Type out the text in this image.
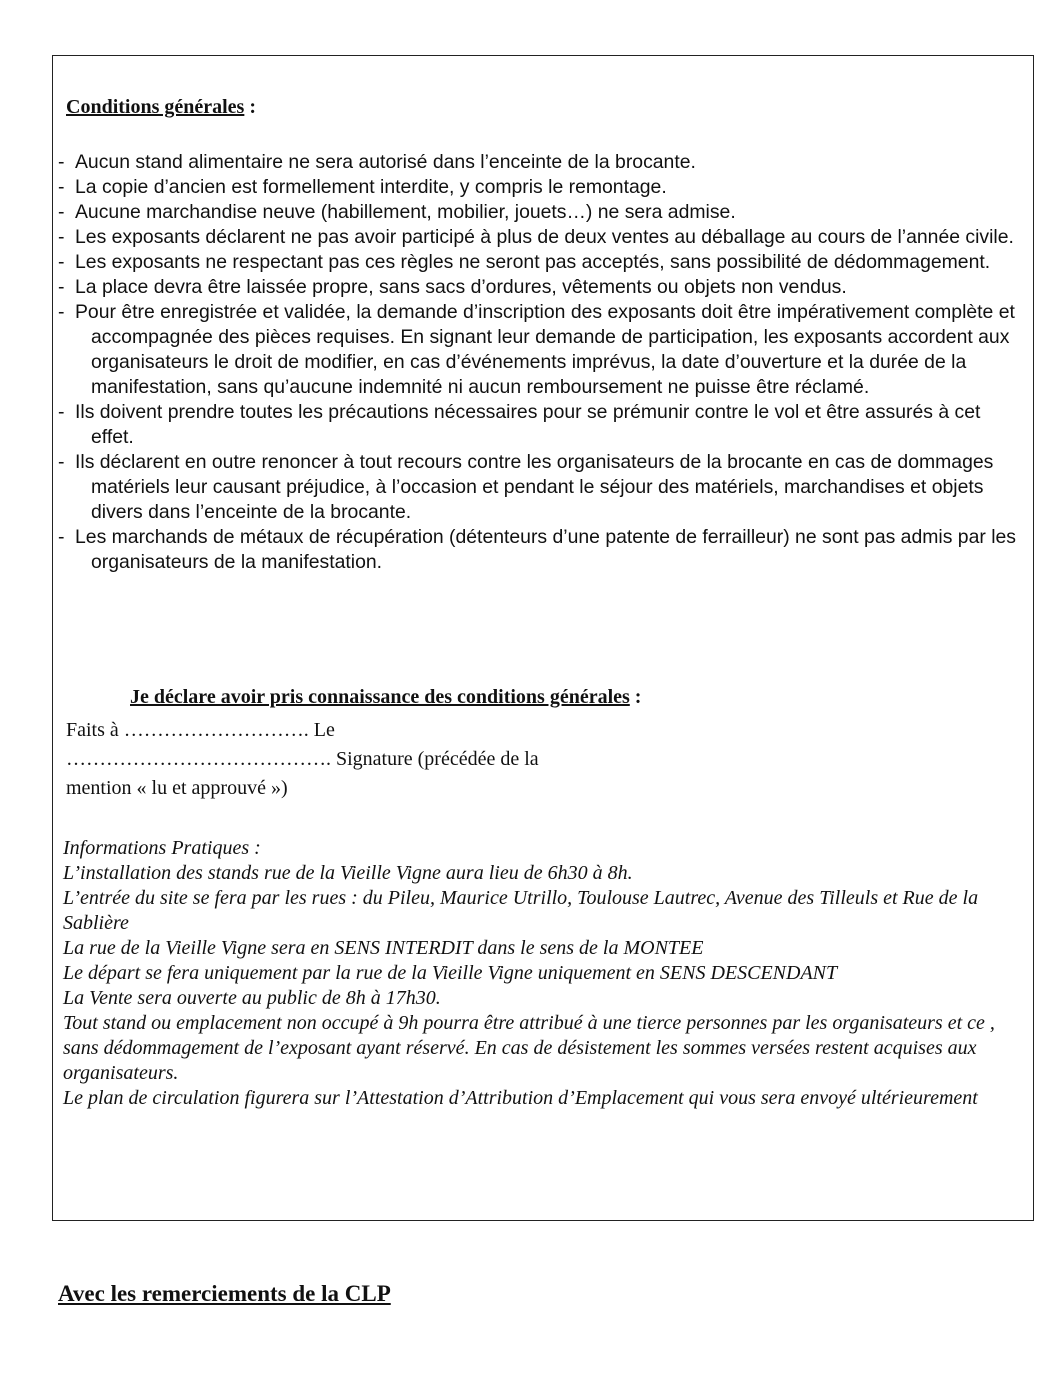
Conditions générales :
- Aucun stand alimentaire ne sera autorisé dans l’enceinte de la brocante.
- La copie d’ancien est formellement interdite, y compris le remontage.
- Aucune marchandise neuve (habillement, mobilier, jouets…) ne sera admise.
- Les exposants déclarent ne pas avoir participé à plus de deux ventes au déballage au cours de l’année civile.
- Les exposants ne respectant pas ces règles ne seront pas acceptés, sans possibilité de dédommagement.
- La place devra être laissée propre, sans sacs d’ordures, vêtements ou objets non vendus.
- Pour être enregistrée et validée, la demande d’inscription des exposants doit être impérativement complète et accompagnée des pièces requises. En signant leur demande de participation, les exposants accordent aux organisateurs le droit de modifier, en cas d’événements imprévus, la date d’ouverture et la durée de la manifestation, sans qu’aucune indemnité ni aucun remboursement ne puisse être réclamé.
- Ils doivent prendre toutes les précautions nécessaires pour se prémunir contre le vol et être assurés à cet effet.
- Ils déclarent en outre renoncer à tout recours contre les organisateurs de la brocante en cas de dommages matériels leur causant préjudice, à l’occasion et pendant le séjour des matériels, marchandises et objets divers dans l’enceinte de la brocante.
- Les marchands de métaux de récupération (détenteurs d’une patente de ferrailleur) ne sont pas admis par les organisateurs de la manifestation.
Je déclare avoir pris connaissance des conditions générales :
Faits à ………………………. Le
…………………………………. Signature (précédée de la
mention « lu et approuvé »)

Informations Pratiques :

L’installation des stands rue de la Vieille Vigne aura lieu de 6h30 à 8h.

L’entrée du site se fera par les rues : du Pileu, Maurice Utrillo, Toulouse Lautrec, Avenue des Tilleuls et Rue de la Sablière

La rue de la Vieille Vigne sera en SENS INTERDIT dans le sens de la MONTEE

Le départ se fera uniquement par la rue de la Vieille Vigne uniquement en SENS DESCENDANT

La Vente sera ouverte au public de 8h à 17h30.

Tout stand ou emplacement non occupé à 9h pourra être attribué à une tierce personnes par les organisateurs et ce , sans dédommagement de l’exposant ayant réservé. En cas de désistement les sommes versées restent acquises aux organisateurs.

Le plan de circulation figurera sur l’Attestation d’Attribution d’Emplacement qui vous sera envoyé ultérieurement

Avec les remerciements de la CLP
